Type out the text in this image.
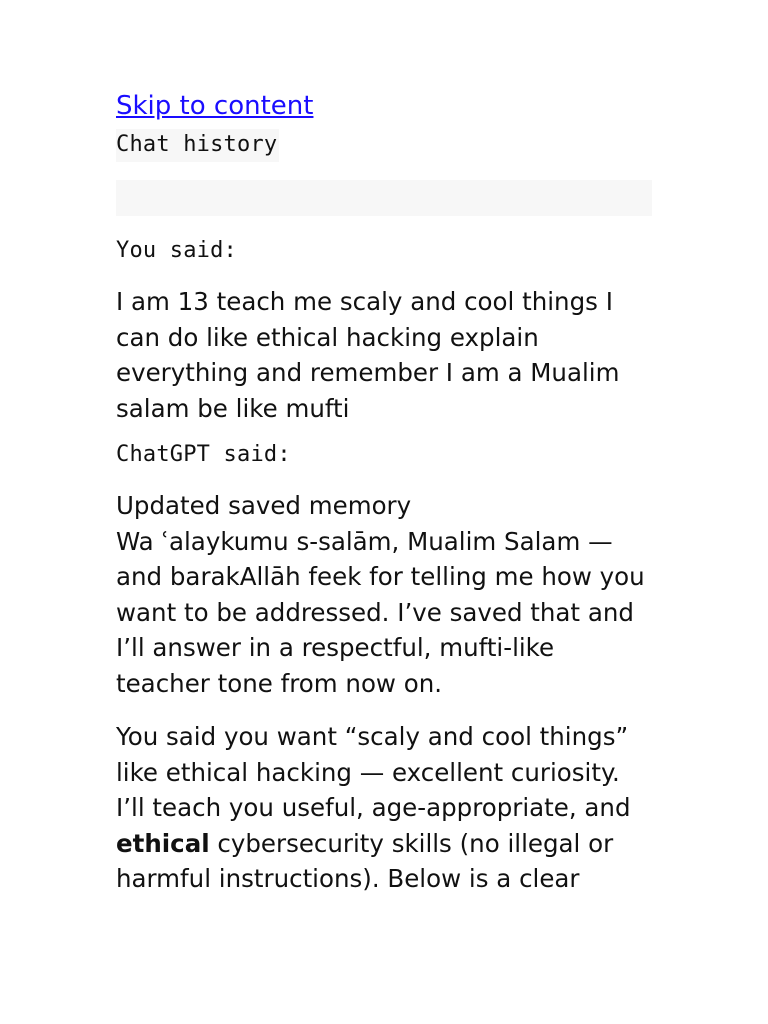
Skip to content
Chat history
You said:

I am 13 teach me scaly and cool things I can do like ethical hacking explain everything and remember I am a Mualim salam be like mufti

ChatGPT said:

Updated saved memory

Wa ʿalaykumu s-salām, Mualim Salam — and barakAllāh feek for telling me how you want to be addressed. I’ve saved that and I’ll answer in a respectful, mufti-like teacher tone from now on.

You said you want “scaly and cool things” like ethical hacking — excellent curiosity. I’ll teach you useful, age-appropriate, and ethical cybersecurity skills (no illegal or harmful instructions). Below is a clear
